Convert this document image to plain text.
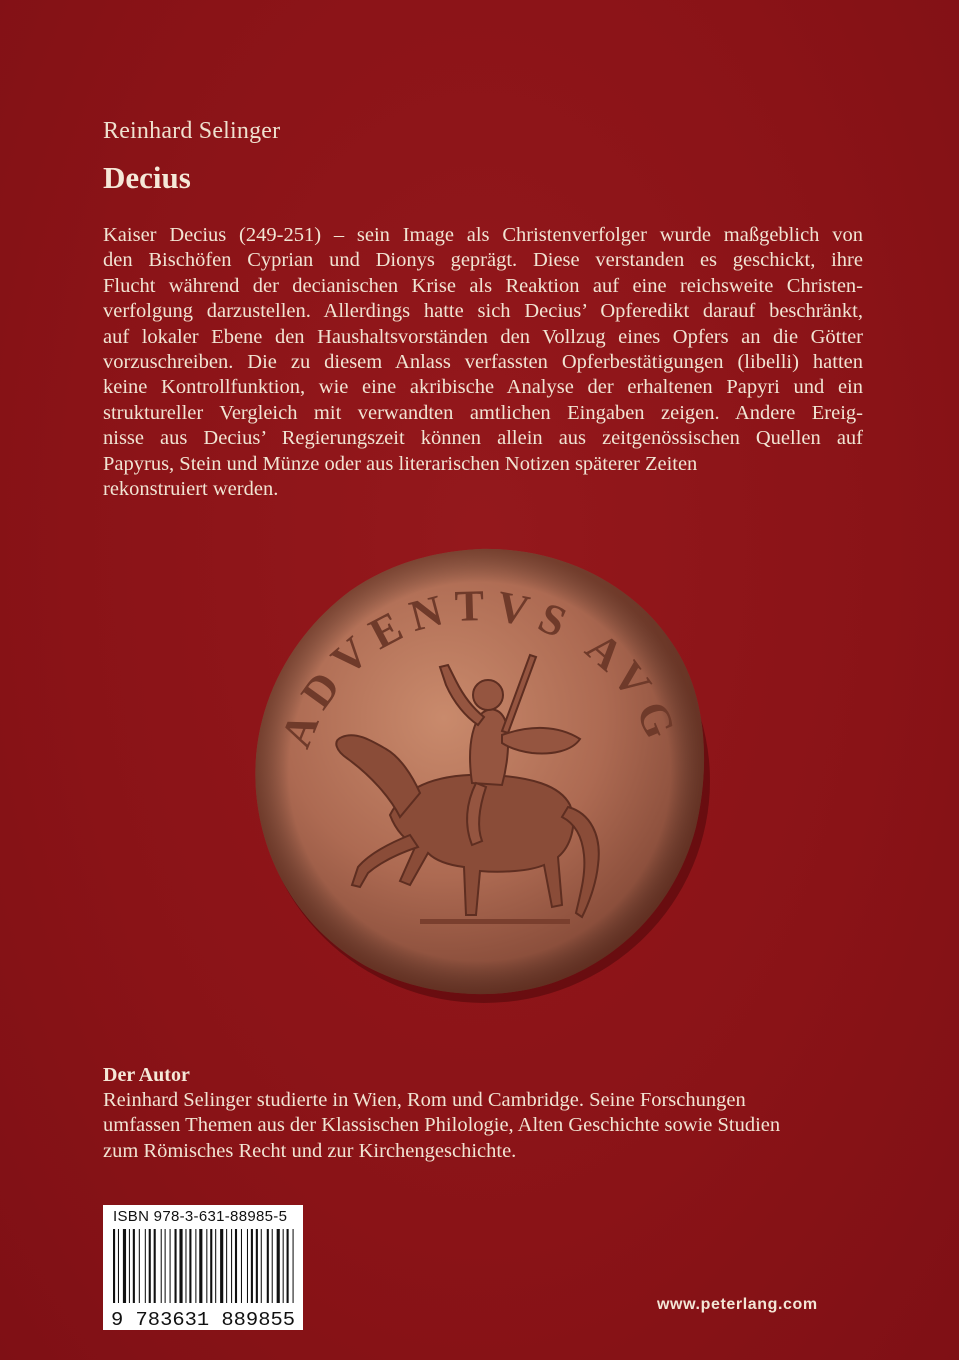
Reinhard Selinger
Decius

Kaiser Decius (249-251) – sein Image als Christenverfolger wurde maßgeblich von
den Bischöfen Cyprian und Dionys geprägt. Diese verstanden es geschickt, ihre
Flucht während der decianischen Krise als Reaktion auf eine reichsweite Christen-
verfolgung darzustellen. Allerdings hatte sich Decius’ Opferedikt darauf beschränkt,
auf lokaler Ebene den Haushaltsvorständen den Vollzug eines Opfers an die Götter
vorzuschreiben. Die zu diesem Anlass verfassten Opferbestätigungen (libelli) hatten
keine Kontrollfunktion, wie eine akribische Analyse der erhaltenen Papyri und ein
struktureller Vergleich mit verwandten amtlichen Eingaben zeigen. Andere Ereig-
nisse aus Decius’ Regierungszeit können allein aus zeitgenössischen Quellen auf
Papyrus, Stein und Münze oder aus literarischen Notizen späterer Zeiten
rekonstruiert werden.

ADVENTVS AVG
Der Autor

Reinhard Selinger studierte in Wien, Rom und Cambridge. Seine Forschungen
umfassen Themen aus der Klassischen Philologie, Alten Geschichte sowie Studien
zum Römisches Recht und zur Kirchengeschichte.

ISBN 978-3-631-88985-5
9 783631 889855
www.peterlang.com
